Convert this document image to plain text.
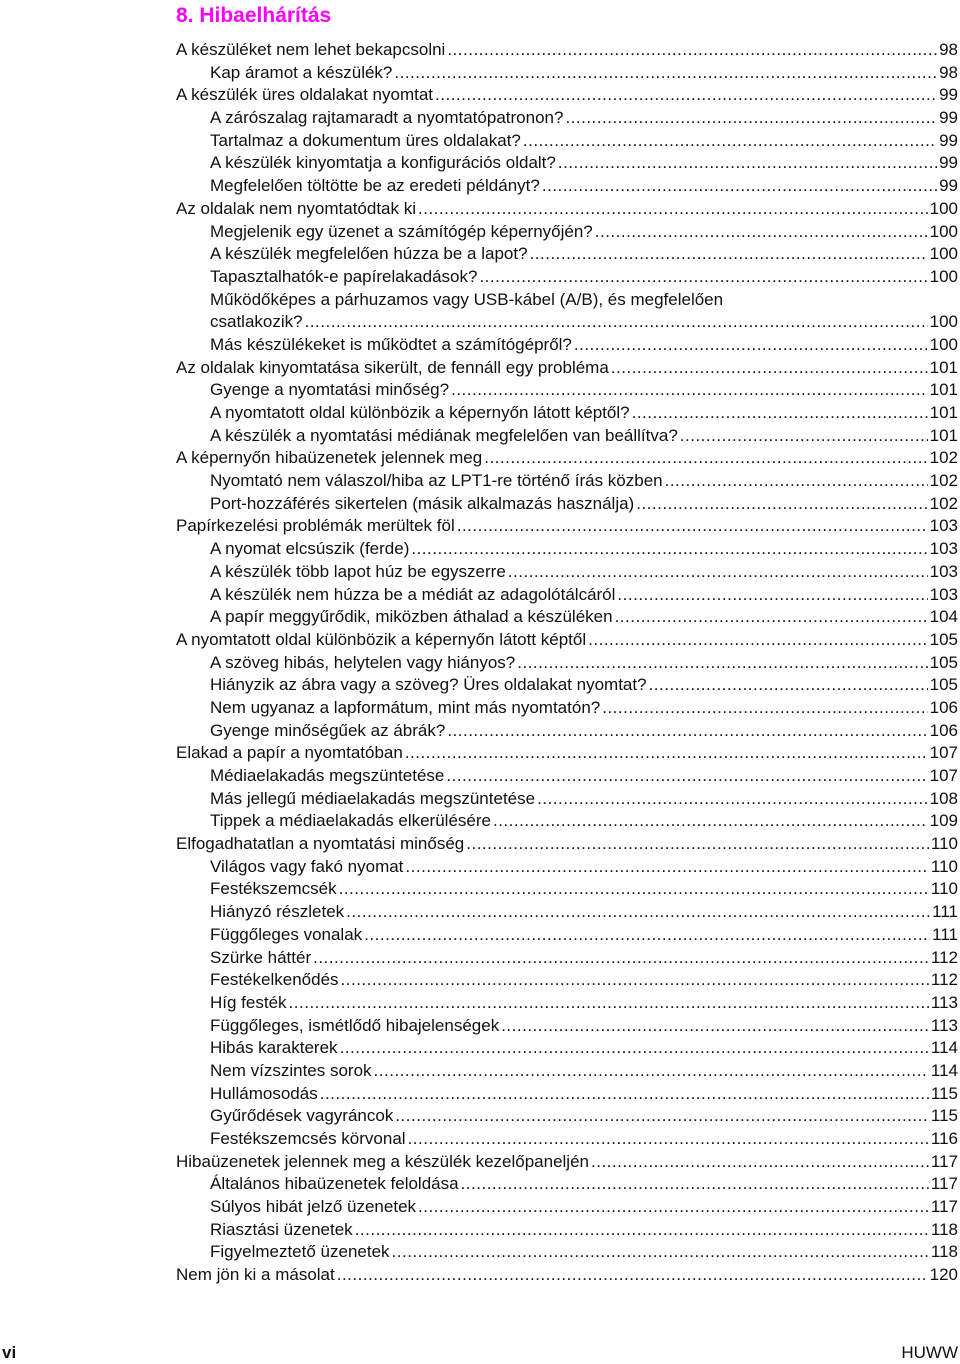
8. Hibaelhárítás
A készüléket nem lehet bekapcsolni .....	98
Kap áramot a készülék? .....	98
A készülék üres oldalakat nyomtat .....	99
A zárószalag rajtamaradt a nyomtatópatronon? .....	99
Tartalmaz a dokumentum üres oldalakat? .....	99
A készülék kinyomtatja a konfigurációs oldalt? .....	99
Megfelelően töltötte be az eredeti példányt? .....	99
Az oldalak nem nyomtatódtak ki .....	100
Megjelenik egy üzenet a számítógép képernyőjén? .....	100
A készülék megfelelően húzza be a lapot? .....	100
Tapasztalhatók-e papírelakadások? .....	100
Működőképes a párhuzamos vagy USB-kábel (A/B), és megfelelően
csatlakozik? .....	100
Más készülékeket is működtet a számítógépről? .....	100
Az oldalak kinyomtatása sikerült, de fennáll egy probléma .....	101
Gyenge a nyomtatási minőség? .....	101
A nyomtatott oldal különbözik a képernyőn látott képtől? .....	101
A készülék a nyomtatási médiának megfelelően van beállítva? .....	101
A képernyőn hibaüzenetek jelennek meg .....	102
Nyomtató nem válaszol/hiba az LPT1-re történő írás közben .....	102
Port-hozzáférés sikertelen (másik alkalmazás használja) .....	102
Papírkezelési problémák merültek föl .....	103
A nyomat elcsúszik (ferde) .....	103
A készülék több lapot húz be egyszerre .....	103
A készülék nem húzza be a médiát az adagolótálcáról .....	103
A papír meggyűrődik, miközben áthalad a készüléken .....	104
A nyomtatott oldal különbözik a képernyőn látott képtől .....	105
A szöveg hibás, helytelen vagy hiányos? .....	105
Hiányzik az ábra vagy a szöveg? Üres oldalakat nyomtat? .....	105
Nem ugyanaz a lapformátum, mint más nyomtatón? .....	106
Gyenge minőségűek az ábrák? .....	106
Elakad a papír a nyomtatóban .....	107
Médiaelakadás megszüntetése .....	107
Más jellegű médiaelakadás megszüntetése .....	108
Tippek a médiaelakadás elkerülésére .....	109
Elfogadhatatlan a nyomtatási minőség .....	110
Világos vagy fakó nyomat .....	110
Festékszemcsék .....	110
Hiányzó részletek .....	111
Függőleges vonalak .....	111
Szürke háttér .....	112
Festékelkenődés .....	112
Híg festék .....	113
Függőleges, ismétlődő hibajelenségek .....	113
Hibás karakterek .....	114
Nem vízszintes sorok .....	114
Hullámosodás .....	115
Gyűrődések vagyráncok .....	115
Festékszemcsés körvonal .....	116
Hibaüzenetek jelennek meg a készülék kezelőpaneljén .....	117
Általános hibaüzenetek feloldása .....	117
Súlyos hibát jelző üzenetek .....	117
Riasztási üzenetek .....	118
Figyelmeztető üzenetek .....	118
Nem jön ki a másolat .....	120
vi	HUWW
